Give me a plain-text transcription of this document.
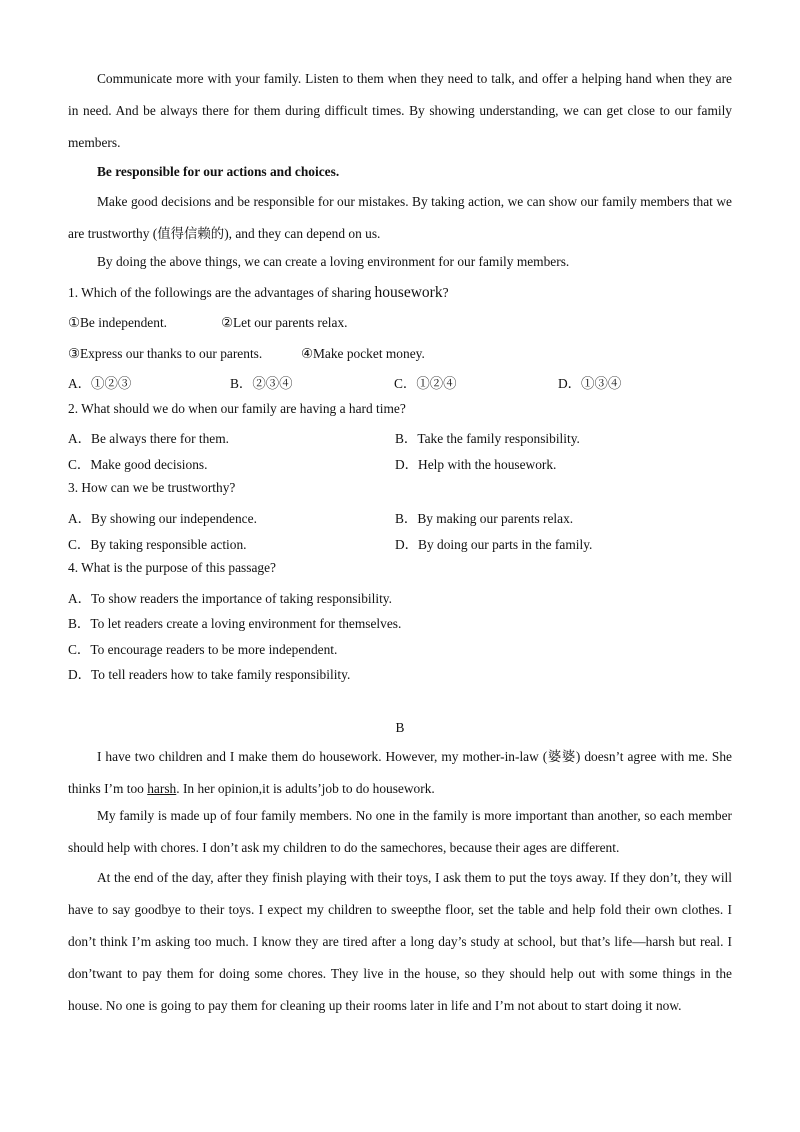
Communicate more with your family. Listen to them when they need to talk, and offer a helping hand when they are in need. And be always there for them during difficult times. By showing understanding, we can get close to our family members.
Be responsible for our actions and choices.
Make good decisions and be responsible for our mistakes. By taking action, we can show our family members that we are trustworthy (值得信赖的), and they can depend on us.
By doing the above things, we can create a loving environment for our family members.
1. Which of the followings are the advantages of sharing housework?
①Be independent.	②Let our parents relax.
③Express our thanks to our parents.	④Make pocket money.
A．①②③	B．②③④	C．①②④	D．①③④
2. What should we do when our family are having a hard time?
A．Be always there for them.	B．Take the family responsibility.
C．Make good decisions.	D．Help with the housework.
3. How can we be trustworthy?
A．By showing our independence.	B．By making our parents relax.
C．By taking responsible action.	D．By doing our parts in the family.
4. What is the purpose of this passage?
A．To show readers the importance of taking responsibility.
B．To let readers create a loving environment for themselves.
C．To encourage readers to be more independent.
D．To tell readers how to take family responsibility.
B
I have two children and I make them do housework. However, my mother-in-law (婆婆) doesn’t agree with me. She thinks I’m too harsh. In her opinion,it is adults’job to do housework.
My family is made up of four family members. No one in the family is more important than another, so each member should help with chores. I don’t ask my children to do the samechores, because their ages are different.
At the end of the day, after they finish playing with their toys, I ask them to put the toys away. If they don’t, they will have to say goodbye to their toys. I expect my children to sweepthe floor, set the table and help fold their own clothes. I don’t think I’m asking too much. I know they are tired after a long day’s study at school, but that’s life—harsh but real. I don’twant to pay them for doing some chores. They live in the house, so they should help out with some things in the house. No one is going to pay them for cleaning up their rooms later in life and I’m not about to start doing it now.
